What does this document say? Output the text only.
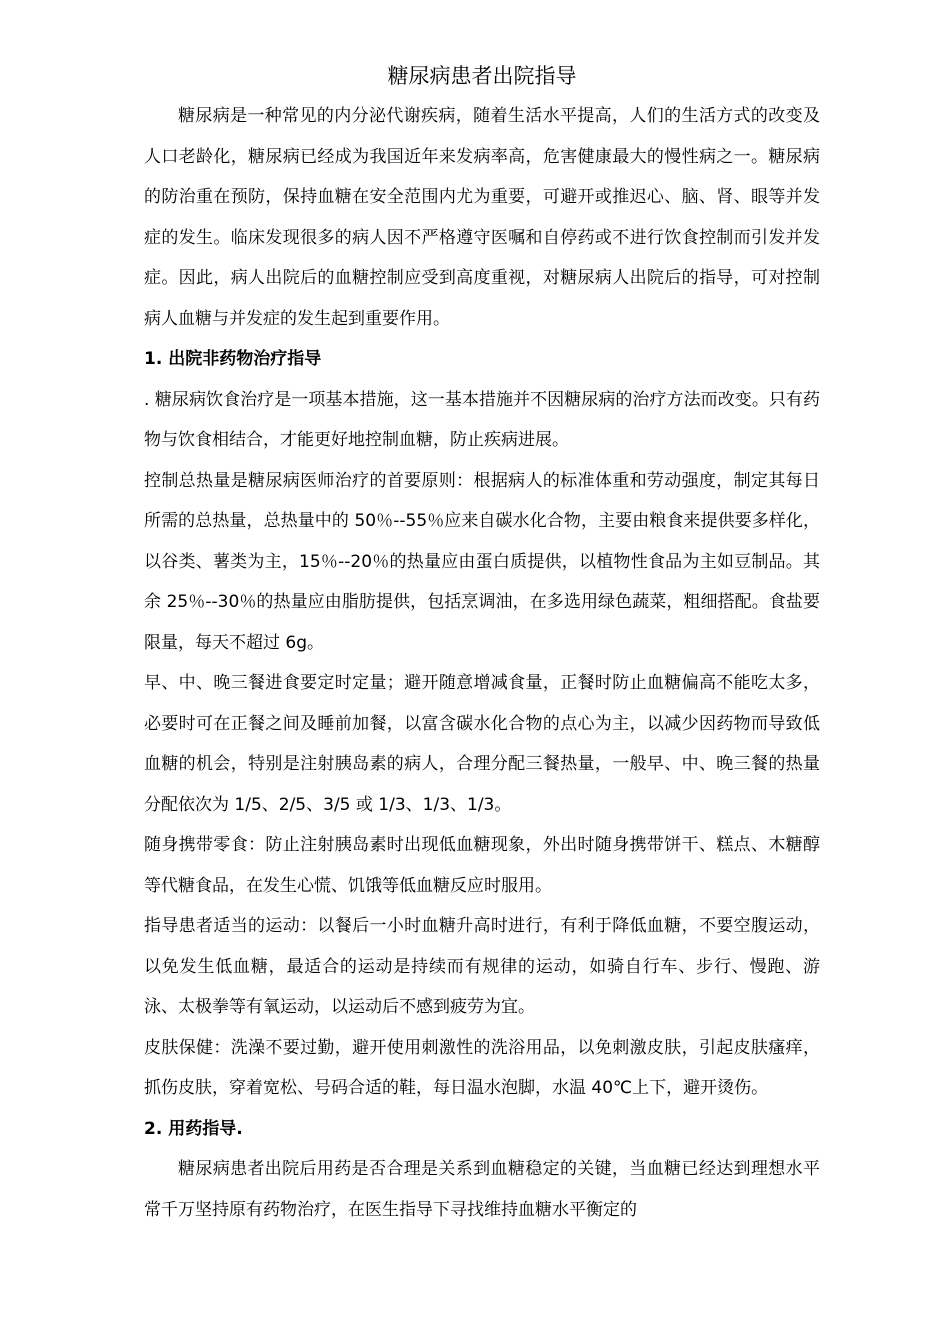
糖尿病患者出院指导

糖尿病是一种常见的内分泌代谢疾病，随着生活水平提高，人们的生活方式的改变及人口老龄化，糖尿病已经成为我国近年来发病率高，危害健康最大的慢性病之一。糖尿病的防治重在预防，保持血糖在安全范围内尤为重要，可避开或推迟心、脑、肾、眼等并发症的发生。临床发现很多的病人因不严格遵守医嘱和自停药或不进行饮食控制而引发并发症。因此，病人出院后的血糖控制应受到高度重视，对糖尿病人出院后的指导，可对控制病人血糖与并发症的发生起到重要作用。

1. 出院非药物治疗指导

. 糖尿病饮食治疗是一项基本措施，这一基本措施并不因糖尿病的治疗方法而改变。只有药物与饮食相结合，才能更好地控制血糖，防止疾病进展。

控制总热量是糖尿病医师治疗的首要原则：根据病人的标准体重和劳动强度，制定其每日所需的总热量，总热量中的 50％--55％应来自碳水化合物，主要由粮食来提供要多样化，以谷类、薯类为主，15％--20％的热量应由蛋白质提供，以植物性食品为主如豆制品。其余 25％--30％的热量应由脂肪提供，包括烹调油，在多选用绿色蔬菜，粗细搭配。食盐要限量，每天不超过 6g。

早、中、晚三餐进食要定时定量；避开随意增减食量，正餐时防止血糖偏高不能吃太多，必要时可在正餐之间及睡前加餐，以富含碳水化合物的点心为主，以减少因药物而导致低血糖的机会，特别是注射胰岛素的病人，合理分配三餐热量，一般早、中、晚三餐的热量分配依次为 1/5、2/5、3/5 或 1/3、1/3、1/3。

随身携带零食：防止注射胰岛素时出现低血糖现象，外出时随身携带饼干、糕点、木糖醇等代糖食品，在发生心慌、饥饿等低血糖反应时服用。

指导患者适当的运动：以餐后一小时血糖升高时进行，有利于降低血糖，不要空腹运动，以免发生低血糖，最适合的运动是持续而有规律的运动，如骑自行车、步行、慢跑、游泳、太极拳等有氧运动，以运动后不感到疲劳为宜。

皮肤保健：洗澡不要过勤，避开使用刺激性的洗浴用品，以免刺激皮肤，引起皮肤瘙痒，抓伤皮肤，穿着宽松、号码合适的鞋，每日温水泡脚，水温 40℃上下，避开烫伤。

2. 用药指导.

糖尿病患者出院后用药是否合理是关系到血糖稳定的关键，当血糖已经达到理想水平常千万坚持原有药物治疗，在医生指导下寻找维持血糖水平衡定的
